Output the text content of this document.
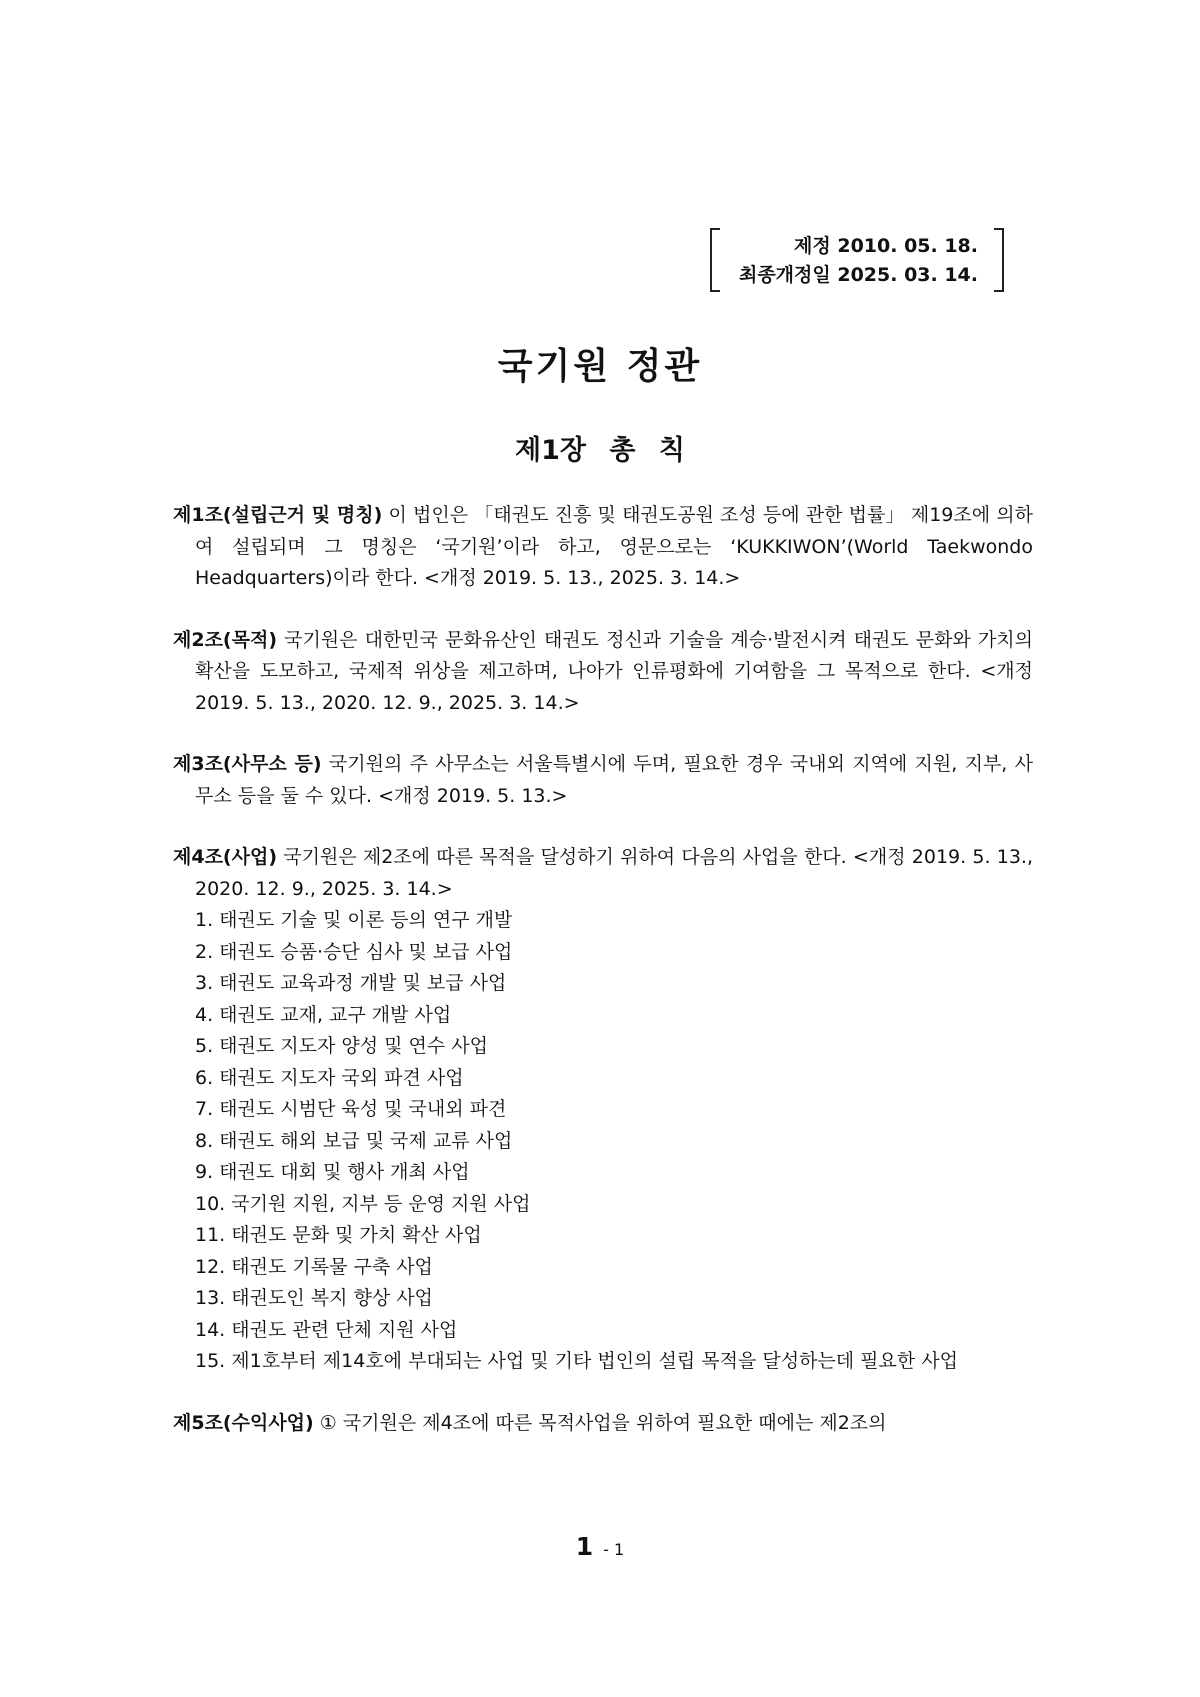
제정 2010. 05. 18.
최종개정일 2025. 03. 14.
국기원 정관
제1장 총 칙

제1조(설립근거 및 명칭) 이 법인은 「태권도 진흥 및 태권도공원 조성 등에 관한 법률」 제19조에 의하여 설립되며 그 명칭은 ‘국기원’이라 하고, 영문으로는 ‘KUKKIWON’(World Taekwondo Headquarters)이라 한다. <개정 2019. 5. 13., 2025. 3. 14.>

제2조(목적) 국기원은 대한민국 문화유산인 태권도 정신과 기술을 계승·발전시켜 태권도 문화와 가치의 확산을 도모하고, 국제적 위상을 제고하며, 나아가 인류평화에 기여함을 그 목적으로 한다. <개정 2019. 5. 13., 2020. 12. 9., 2025. 3. 14.>

제3조(사무소 등) 국기원의 주 사무소는 서울특별시에 두며, 필요한 경우 국내외 지역에 지원, 지부, 사무소 등을 둘 수 있다. <개정 2019. 5. 13.>

제4조(사업) 국기원은 제2조에 따른 목적을 달성하기 위하여 다음의 사업을 한다. <개정 2019. 5. 13., 2020. 12. 9., 2025. 3. 14.>

1. 태권도 기술 및 이론 등의 연구 개발
2. 태권도 승품·승단 심사 및 보급 사업
3. 태권도 교육과정 개발 및 보급 사업
4. 태권도 교재, 교구 개발 사업
5. 태권도 지도자 양성 및 연수 사업
6. 태권도 지도자 국외 파견 사업
7. 태권도 시범단 육성 및 국내외 파견
8. 태권도 해외 보급 및 국제 교류 사업
9. 태권도 대회 및 행사 개최 사업
10. 국기원 지원, 지부 등 운영 지원 사업
11. 태권도 문화 및 가치 확산 사업
12. 태권도 기록물 구축 사업
13. 태권도인 복지 향상 사업
14. 태권도 관련 단체 지원 사업
15. 제1호부터 제14호에 부대되는 사업 및 기타 법인의 설립 목적을 달성하는데 필요한 사업

제5조(수익사업) ① 국기원은 제4조에 따른 목적사업을 위하여 필요한 때에는 제2조의

1 - 1
